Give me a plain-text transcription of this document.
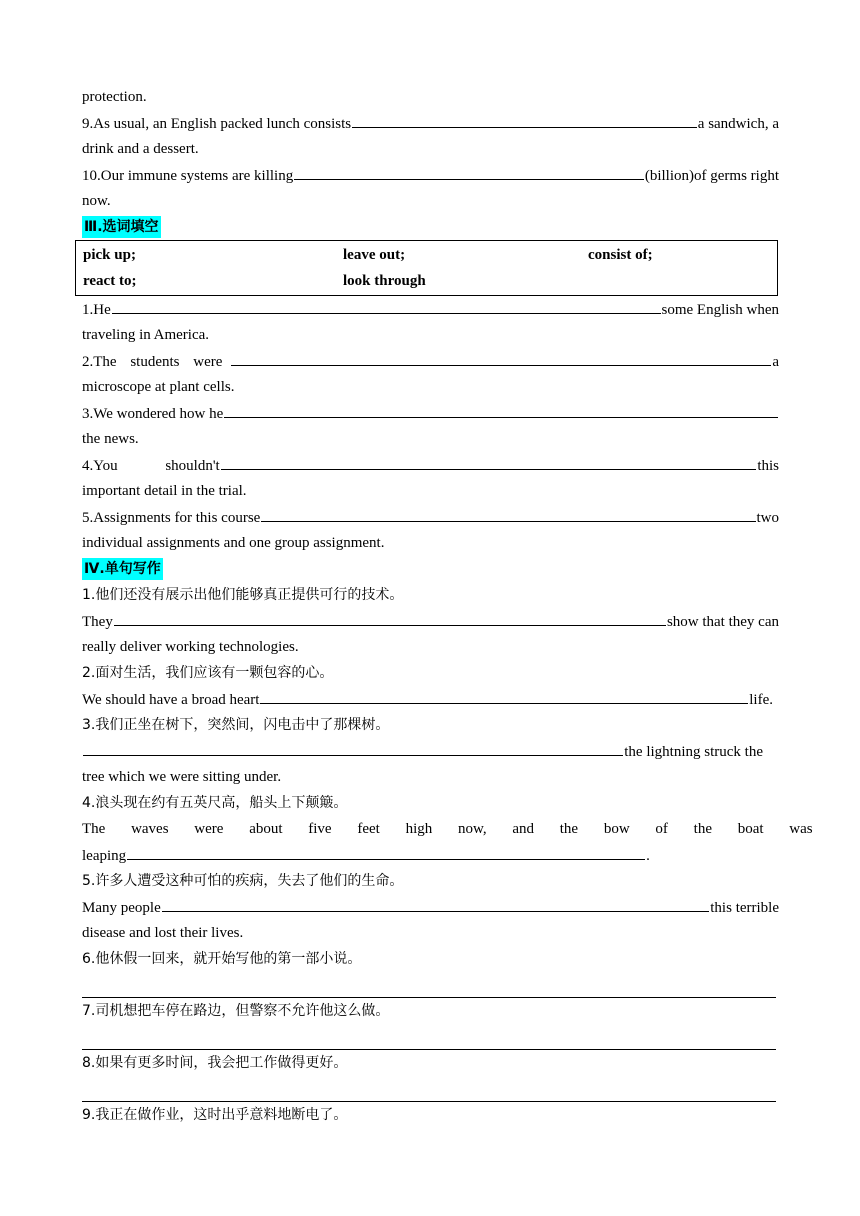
protection.
9.As usual, an English packed lunch consists	a sandwich, a
drink and a dessert.
10.Our immune systems are killing	(billion)of germs right
now.
Ⅲ.选词填空
pick up;	leave out;	consist of;
react to;	look through
1.He	some English when
traveling in America.
2.The students were	a
microscope at plant cells.
3.We wondered how he
the news.
4.You shouldn't	this
important detail in the trial.
5.Assignments for this course	two
individual assignments and one group assignment.
Ⅳ.单句写作
1.他们还没有展示出他们能够真正提供可行的技术。
They	show that they can
really deliver working technologies.
2.面对生活，我们应该有一颗包容的心。
We should have a broad heart	life.
3.我们正坐在树下，突然间，闪电击中了那棵树。
the lightning struck the
tree which we were sitting under.
4.浪头现在约有五英尺高，船头上下颠簸。
The waves were about five feet high now, and the bow of the boat was
leaping	.
5.许多人遭受这种可怕的疾病，失去了他们的生命。
Many people	this terrible
disease and lost their lives.
6.他休假一回来，就开始写他的第一部小说。
7.司机想把车停在路边，但警察不允许他这么做。
8.如果有更多时间，我会把工作做得更好。
9.我正在做作业，这时出乎意料地断电了。
